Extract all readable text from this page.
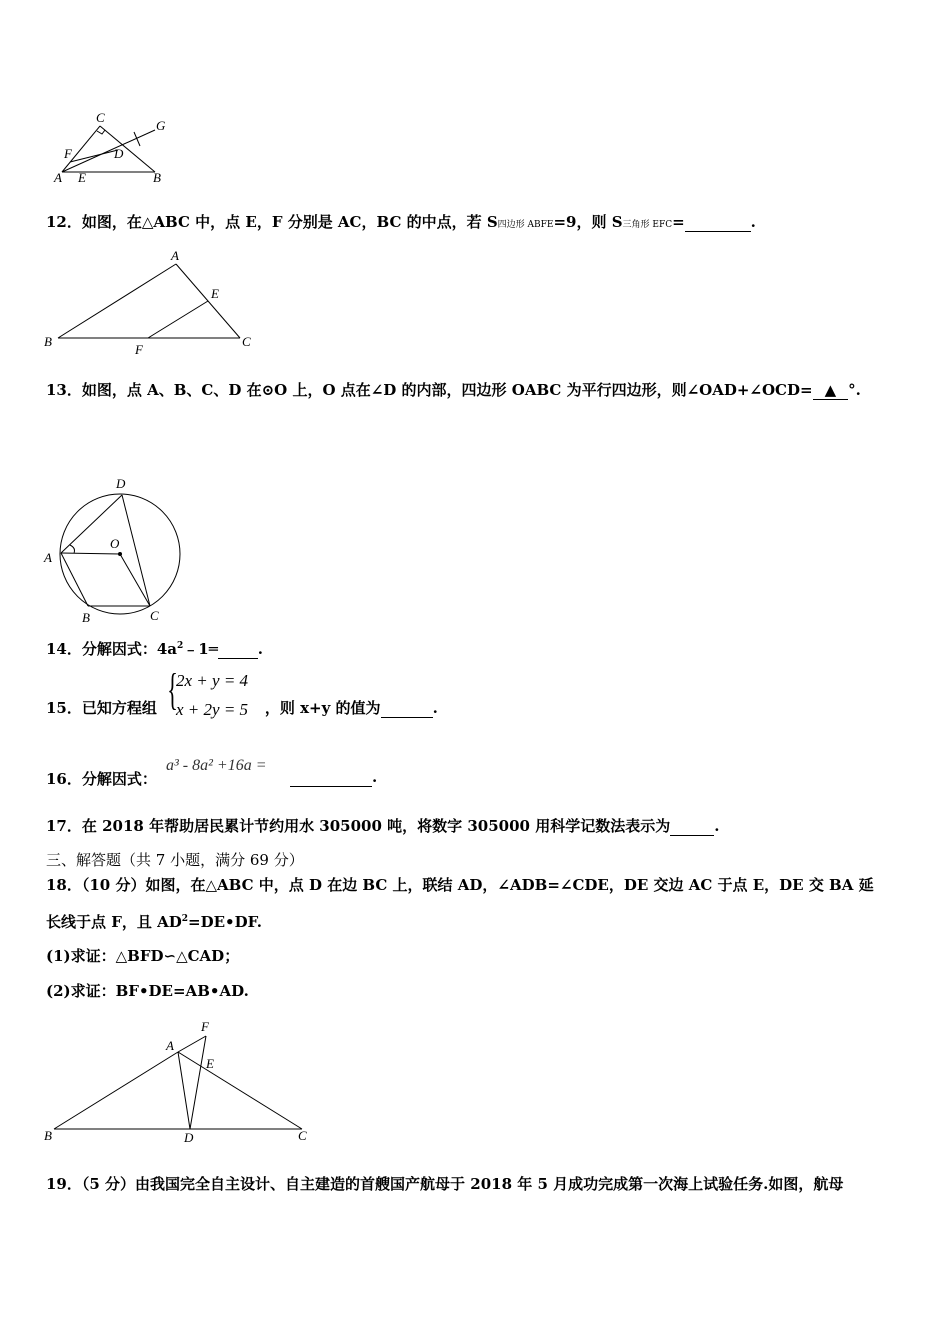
C
G
F	D
A E	B
12．如图，在△ABC 中，点 E，F 分别是 AC，BC 的中点，若 S四边形 ABFE=9，则 S三角形 EFC=	.
A
E
B
F
C
13．如图，点 A、B、C、D 在⊙O 上，O 点在∠D 的内部，四边形 OABC 为平行四边形，则∠OAD+∠OCD= ▲ °.
D
O
A
B	C
14．分解因式：$4a^2﹣1═$	.
15．已知方程组	，则 x+y 的值为	.
{
2x + y = 4
x + 2y = 5
16．分解因式：
a³ - 8a² +16a =
.
17．在 2018 年帮助居民累计节约用水 305000 吨，将数字 305000 用科学记数法表示为	.
三、解答题（共 7 小题，满分 69 分）
18．（10 分）如图，在△ABC 中，点 D 在边 BC 上，联结 AD，∠ADB=∠CDE，DE 交边 AC 于点 E，DE 交 BA 延
长线于点 F，且 $AD^2=DE•DF$.
(1)求证：△BFD∽△CAD；
(2)求证：BF•DE=AB•AD.
F
A
E
B	D	C
19．（5 分）由我国完全自主设计、自主建造的首艘国产航母于 2018 年 5 月成功完成第一次海上试验任务.如图，航母
